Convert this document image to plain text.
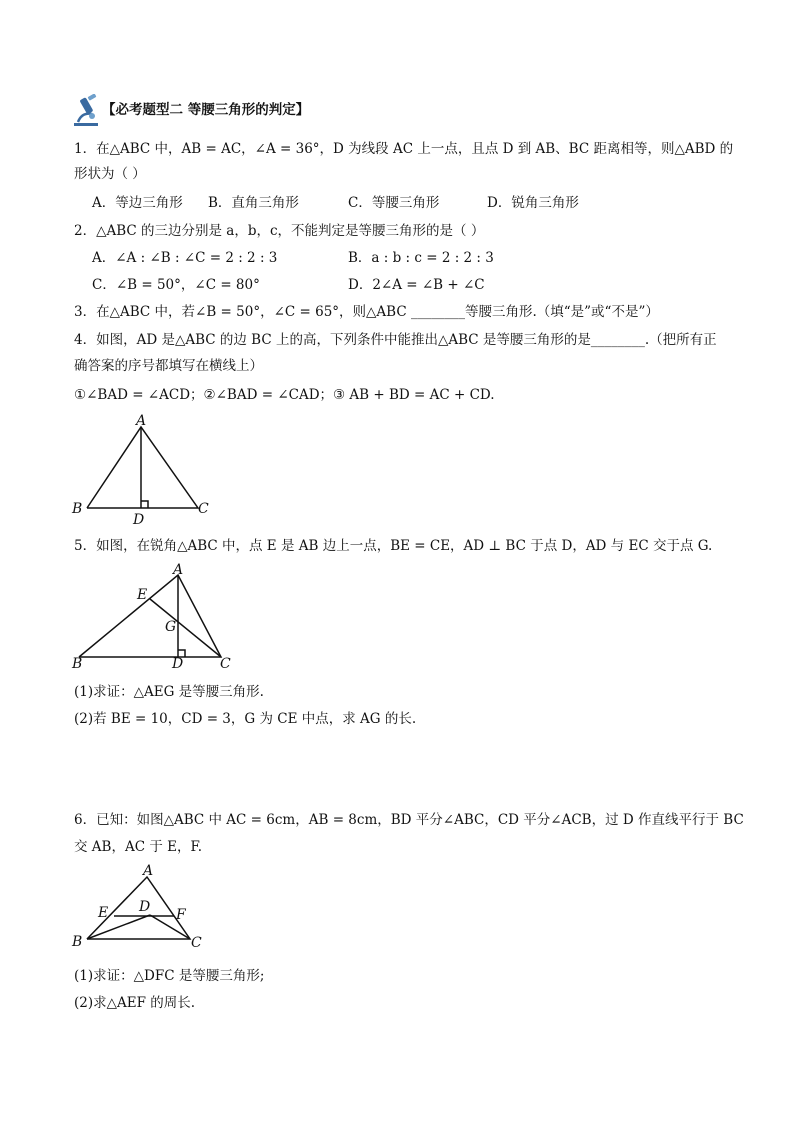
【必考题型二 等腰三角形的判定】
1．在△ABC 中，AB = AC，∠A = 36°，D 为线段 AC 上一点，且点 D 到 AB、BC 距离相等，则△ABD 的
形状为（ ）
A．等边三角形 B．直角三角形	C．等腰三角形	D．锐角三角形
2．△ABC 的三边分别是 a，b，c，不能判定是等腰三角形的是（ ）
A．∠A : ∠B : ∠C = 2 : 2 : 3	B．a : b : c = 2 : 2 : 3
C．∠B = 50°，∠C = 80°	D．2∠A = ∠B + ∠C
3．在△ABC 中，若∠B = 50°，∠C = 65°，则△ABC ________等腰三角形.（填“是”或“不是”）
4．如图，AD 是△ABC 的边 BC 上的高，下列条件中能推出△ABC 是等腰三角形的是________.（把所有正
确答案的序号都填写在横线上）
①∠BAD = ∠ACD；②∠BAD = ∠CAD；③ AB + BD = AC + CD.
A
B	C
D
5．如图，在锐角△ABC 中，点 E 是 AB 边上一点，BE = CE，AD ⊥ BC 于点 D，AD 与 EC 交于点 G.
A
E
G
B	D	C
(1)求证：△AEG 是等腰三角形.
(2)若 BE = 10，CD = 3，G 为 CE 中点，求 AG 的长.
6．已知：如图△ABC 中 AC = 6cm，AB = 8cm，BD 平分∠ABC，CD 平分∠ACB，过 D 作直线平行于 BC
交 AB，AC 于 E，F.
A
E D F
B	C
(1)求证：△DFC 是等腰三角形;
(2)求△AEF 的周长.
